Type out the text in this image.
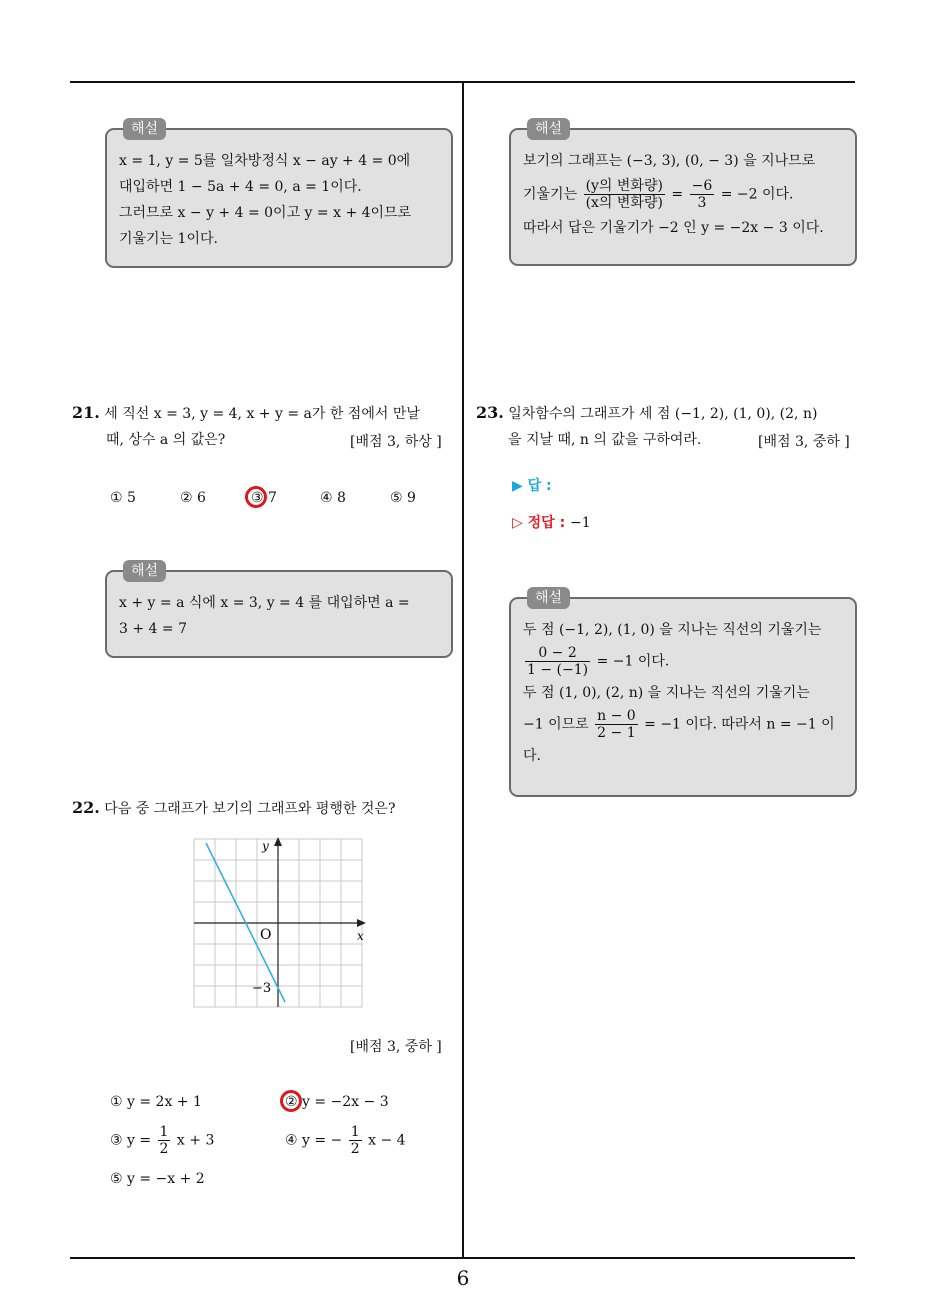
해설

x = 1, y = 5를 일차방정식 x − ay + 4 = 0에

대입하면 1 − 5a + 4 = 0, a = 1이다.

그러므로 x − y + 4 = 0이고 y = x + 4이므로

기울기는 1이다.

21. 세 직선 x = 3, y = 4, x + y = a가 한 점에서 만날
때, 상수 a 의 값은?	[배점 3, 하상 ]
① 5	② 6	③ 7	④ 8	⑤ 9
해설

x + y = a 식에 x = 3, y = 4 를 대입하면 a =

3 + 4 = 7

22. 다음 중 그래프가 보기의 그래프와 평행한 것은?
y
x
O
−3
[배점 3, 중하 ]
① y = 2x + 1	② y = −2x − 3
③ $y = \frac{1}{2}$ x + 3	④ y = − $\frac{1}{2}$ x − 4
⑤ y = −x + 2
해설

보기의 그래프는 (−3, 3), (0, − 3) 을 지나므로

기울기는 $\frac{\text{(y의 변화량)}}{\text{(x의 변화량)}} = \frac{-6}{3} = -2$ 이다.

따라서 답은 기울기가 −2 인 y = −2x − 3 이다.

23. 일차함수의 그래프가 세 점 (−1, 2), (1, 0), (2, n)
을 지날 때, n 의 값을 구하여라.	[배점 3, 중하 ]
▶ 답 :
▷ 정답 : −1
해설

두 점 (−1, 2), (1, 0) 을 지나는 직선의 기울기는

$\frac{0 - 2}{1 - (-1)} = -1$ 이다.

두 점 (1, 0), (2, n) 을 지나는 직선의 기울기는

−1 이므로 $\frac{n - 0}{2 - 1} = -1$ 이다. 따라서 n = −1 이

다.

6
